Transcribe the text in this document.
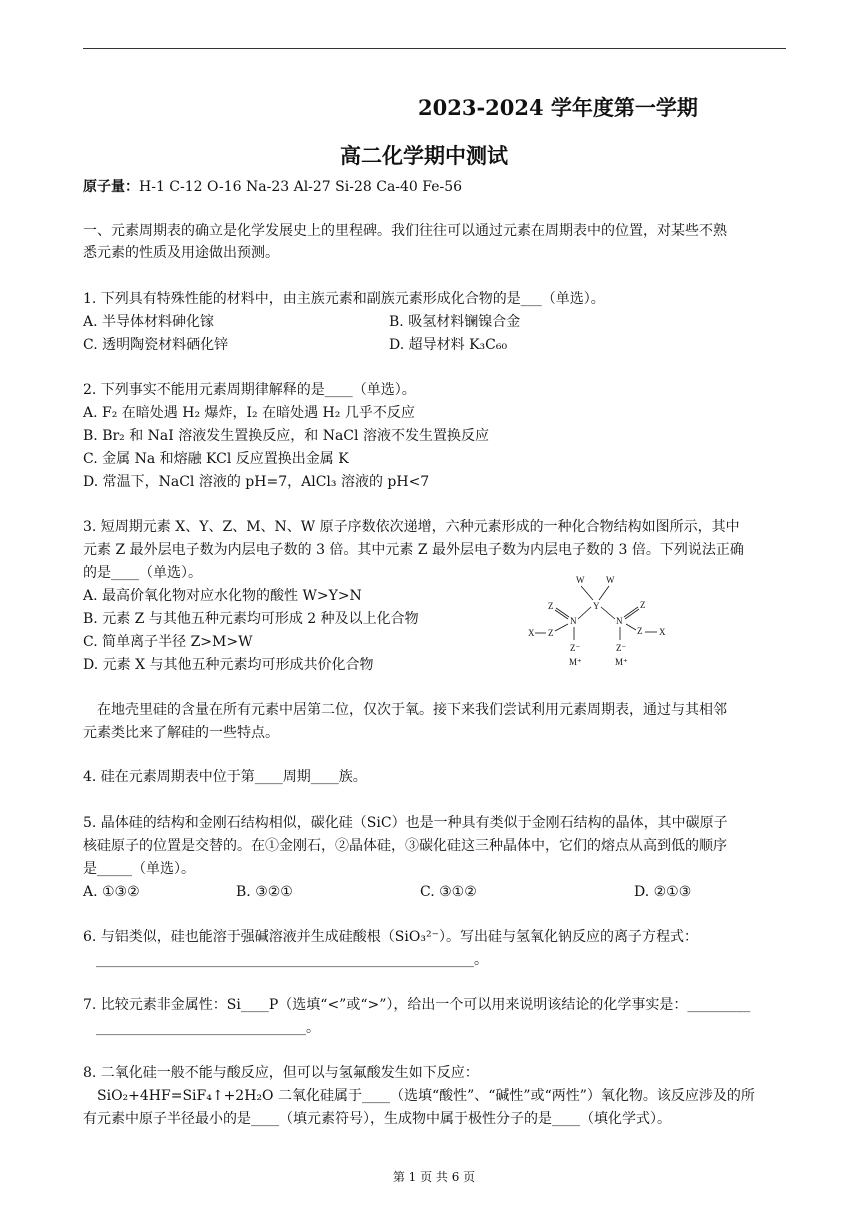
2023-2024 学年度第一学期
高二化学期中测试
原子量：H-1 C-12 O-16 Na-23 Al-27 Si-28 Ca-40 Fe-56
一、元素周期表的确立是化学发展史上的里程碑。我们往往可以通过元素在周期表中的位置，对某些不熟
悉元素的性质及用途做出预测。
1. 下列具有特殊性能的材料中，由主族元素和副族元素形成化合物的是___（单选）。
A. 半导体材料砷化镓	B. 吸氢材料镧镍合金
C. 透明陶瓷材料硒化锌	D. 超导材料 K₃C₆₀
2. 下列事实不能用元素周期律解释的是____（单选）。
A. F₂ 在暗处遇 H₂ 爆炸，I₂ 在暗处遇 H₂ 几乎不反应
B. Br₂ 和 NaI 溶液发生置换反应，和 NaCl 溶液不发生置换反应
C. 金属 Na 和熔融 KCl 反应置换出金属 K
D. 常温下，NaCl 溶液的 pH=7，AlCl₃ 溶液的 pH<7
3. 短周期元素 X、Y、Z、M、N、W 原子序数依次递增，六种元素形成的一种化合物结构如图所示，其中
元素 Z 最外层电子数为内层电子数的 3 倍。其中元素 Z 最外层电子数为内层电子数的 3 倍。下列说法正确
的是____（单选）。
A. 最高价氧化物对应水化物的酸性 W>Y>N
B. 元素 Z 与其他五种元素均可形成 2 种及以上化合物
C. 简单离子半径 Z>M>W
D. 元素 X 与其他五种元素均可形成共价化合物
W W
Y
N	N
Z	Z
X Z	Z X
Z⁻	Z⁻
M⁺	M⁺
在地壳里硅的含量在所有元素中居第二位，仅次于氧。接下来我们尝试利用元素周期表，通过与其相邻
元素类比来了解硅的一些特点。
4. 硅在元素周期表中位于第____周期____族。
5. 晶体硅的结构和金刚石结构相似，碳化硅（SiC）也是一种具有类似于金刚石结构的晶体，其中碳原子
核硅原子的位置是交替的。在①金刚石，②晶体硅，③碳化硅这三种晶体中，它们的熔点从高到低的顺序
是_____（单选）。
A. ①③②	B. ③②①	C. ③①②	D. ②①③
6. 与铝类似，硅也能溶于强碱溶液并生成硅酸根（SiO₃²⁻）。写出硅与氢氧化钠反应的离子方程式：
______________________________________________________。
7. 比较元素非金属性：Si____P（选填“<”或“>”），给出一个可以用来说明该结论的化学事实是：_________
______________________________。
8. 二氧化硅一般不能与酸反应，但可以与氢氟酸发生如下反应：
SiO₂+4HF=SiF₄↑+2H₂O 二氧化硅属于____（选填“酸性”、“碱性”或“两性”）氧化物。该反应涉及的所
有元素中原子半径最小的是____（填元素符号），生成物中属于极性分子的是____（填化学式）。
第 1 页 共 6 页
